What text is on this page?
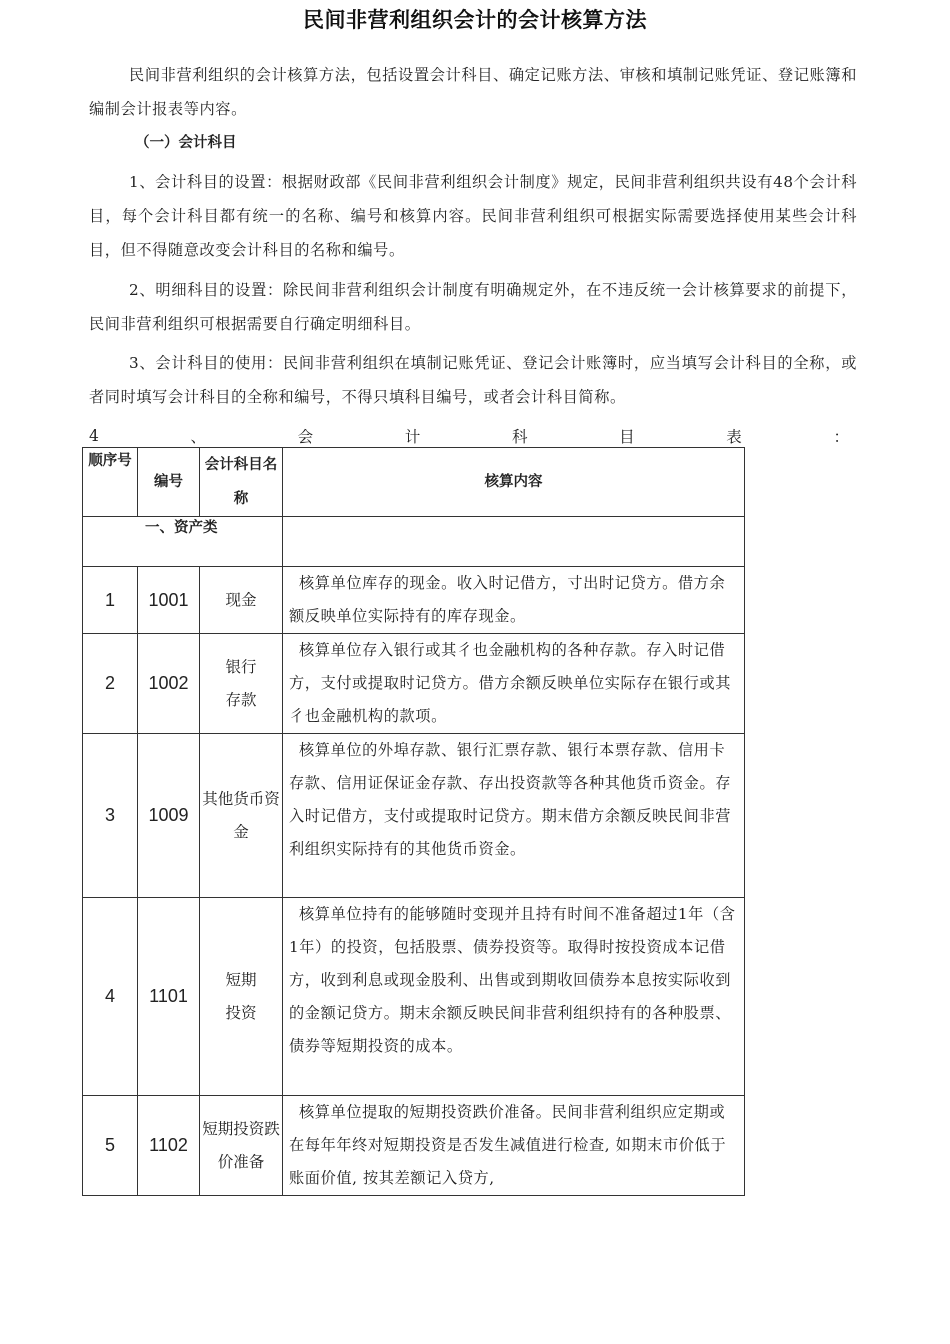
民间非营利组织会计的会计核算方法

民间非营利组织的会计核算方法，包括设置会计科目、确定记账方法、审核和填制记账凭证、登记账簿和编制会计报表等内容。

（一）会计科目

1、会计科目的设置：根据财政部《民间非营利组织会计制度》规定，民间非营利组织共设有48个会计科目，每个会计科目都有统一的名称、编号和核算内容。民间非营利组织可根据实际需要选择使用某些会计科目，但不得随意改变会计科目的名称和编号。

2、明细科目的设置：除民间非营利组织会计制度有明确规定外，在不违反统一会计核算要求的前提下，民间非营利组织可根据需要自行确定明细科目。

3、会计科目的使用：民间非营利组织在填制记账凭证、登记会计账簿时，应当填写会计科目的全称，或者同时填写会计科目的全称和编号，不得只填科目编号，或者会计科目简称。

4	、	会	计	科	目	表	：
顺序号	编号	会计科目名称	核算内容
一、资产类			
1	1001	现金	核算单位库存的现金。收入时记借方，寸出时记贷方。借方余额反映单位实际持有的库存现金。
2	1002	银行存款	核算单位存入银行或其彳也金融机构的各种存款。存入时记借方，支付或提取时记贷方。借方余额反映单位实际存在银行或其彳也金融机构的款项。
3	1009	其他货币资金	核算单位的外埠存款、银行汇票存款、银行本票存款、信用卡存款、信用证保证金存款、存出投资款等各种其他货币资金。存入时记借方，支付或提取时记贷方。期末借方余额反映民间非营利组织实际持有的其他货币资金。
4	1101	短期投资	核算单位持有的能够随时变现并且持有时间不准备超过1年（含1年）的投资，包括股票、债券投资等。取得时按投资成本记借方，收到利息或现金股利、出售或到期收回债券本息按实际收到的金额记贷方。期末余额反映民间非营利组织持有的各种股票、债券等短期投资的成本。
5	1102	短期投资跌价准备	核算单位提取的短期投资跌价准备。民间非营利组织应定期或在每年年终对短期投资是否发生减值进行检查, 如期末市价低于账面价值, 按其差额记入贷方,
